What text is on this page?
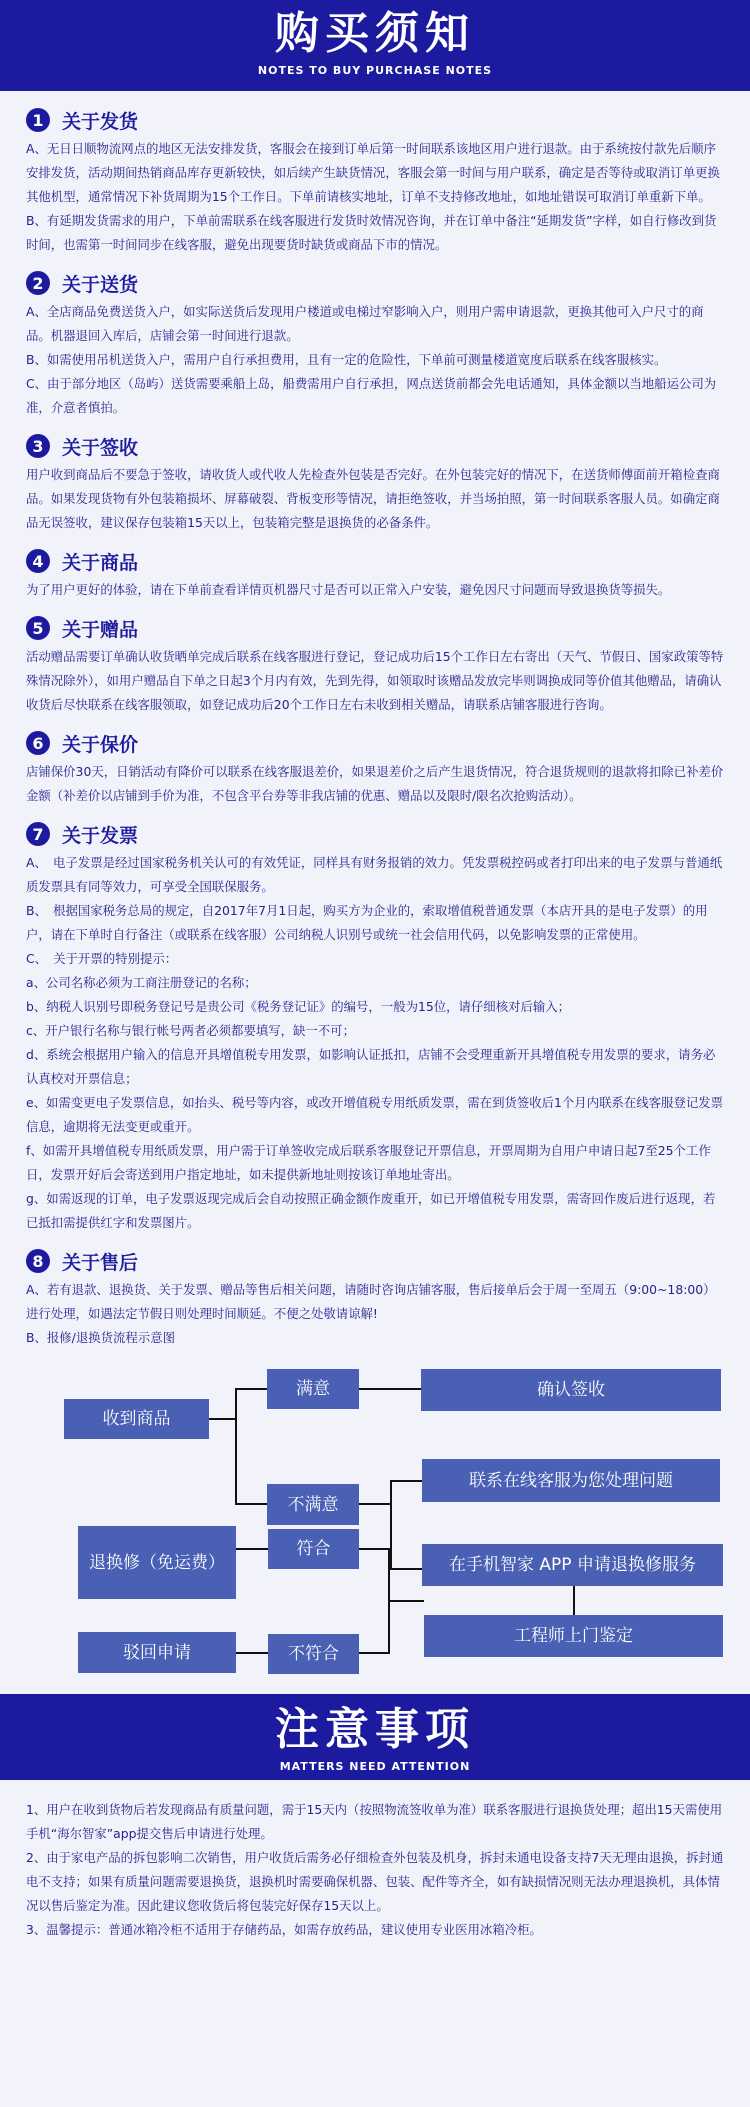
购买须知
NOTES TO BUY PURCHASE NOTES
1 关于发货

A、无日日顺物流网点的地区无法安排发货，客服会在接到订单后第一时间联系该地区用户进行退款。由于系统按付款先后顺序安排发货，活动期间热销商品库存更新较快，如后续产生缺货情况，客服会第一时间与用户联系，确定是否等待或取消订单更换其他机型，通常情况下补货周期为15个工作日。下单前请核实地址，订单不支持修改地址，如地址错误可取消订单重新下单。

B、有延期发货需求的用户，下单前需联系在线客服进行发货时效情况咨询，并在订单中备注“延期发货”字样，如自行修改到货时间，也需第一时间同步在线客服，避免出现要货时缺货或商品下市的情况。

2 关于送货

A、全店商品免费送货入户，如实际送货后发现用户楼道或电梯过窄影响入户，则用户需申请退款，更换其他可入户尺寸的商品。机器退回入库后，店铺会第一时间进行退款。

B、如需使用吊机送货入户，需用户自行承担费用，且有一定的危险性，下单前可测量楼道宽度后联系在线客服核实。

C、由于部分地区（岛屿）送货需要乘船上岛，船费需用户自行承担，网点送货前都会先电话通知，具体金额以当地船运公司为准，介意者慎拍。

3 关于签收

用户收到商品后不要急于签收，请收货人或代收人先检查外包装是否完好。在外包装完好的情况下，在送货师傅面前开箱检查商品。如果发现货物有外包装箱损坏、屏幕破裂、背板变形等情况，请拒绝签收，并当场拍照，第一时间联系客服人员。如确定商品无误签收，建议保存包装箱15天以上，包装箱完整是退换货的必备条件。

4 关于商品

为了用户更好的体验，请在下单前查看详情页机器尺寸是否可以正常入户安装，避免因尺寸问题而导致退换货等损失。

5 关于赠品

活动赠品需要订单确认收货晒单完成后联系在线客服进行登记，登记成功后15个工作日左右寄出（天气、节假日、国家政策等特殊情况除外），如用户赠品自下单之日起3个月内有效，先到先得，如领取时该赠品发放完毕则调换成同等价值其他赠品，请确认收货后尽快联系在线客服领取，如登记成功后20个工作日左右未收到相关赠品，请联系店铺客服进行咨询。

6 关于保价

店铺保价30天，日销活动有降价可以联系在线客服退差价，如果退差价之后产生退货情况，符合退货规则的退款将扣除已补差价金额（补差价以店铺到手价为准，不包含平台券等非我店铺的优惠、赠品以及限时/限名次抢购活动）。

7 关于发票

A、　电子发票是经过国家税务机关认可的有效凭证，同样具有财务报销的效力。凭发票税控码或者打印出来的电子发票与普通纸质发票具有同等效力，可享受全国联保服务。

B、　根据国家税务总局的规定，自2017年7月1日起，购买方为企业的，索取增值税普通发票（本店开具的是电子发票）的用户，请在下单时自行备注（或联系在线客服）公司纳税人识别号或统一社会信用代码，以免影响发票的正常使用。

C、　关于开票的特别提示：

a、公司名称必须为工商注册登记的名称；

b、纳税人识别号即税务登记号是贵公司《税务登记证》的编号，一般为15位，请仔细核对后输入；

c、开户银行名称与银行帐号两者必须都要填写，缺一不可；

d、系统会根据用户输入的信息开具增值税专用发票，如影响认证抵扣，店铺不会受理重新开具增值税专用发票的要求，请务必认真校对开票信息；

e、如需变更电子发票信息，如抬头、税号等内容，或改开增值税专用纸质发票，需在到货签收后1个月内联系在线客服登记发票信息，逾期将无法变更或重开。

f、如需开具增值税专用纸质发票，用户需于订单签收完成后联系客服登记开票信息，开票周期为自用户申请日起7至25个工作日，发票开好后会寄送到用户指定地址，如未提供新地址则按该订单地址寄出。

g、如需返现的订单，电子发票返现完成后会自动按照正确金额作废重开，如已开增值税专用发票，需寄回作废后进行返现，若已抵扣需提供红字和发票图片。

8 关于售后

A、若有退款、退换货、关于发票、赠品等售后相关问题，请随时咨询店铺客服，售后接单后会于周一至周五（9:00~18:00）进行处理，如遇法定节假日则处理时间顺延。不便之处敬请谅解!

B、报修/退换货流程示意图

收到商品
满意	确认签收
不满意
联系在线客服为您处理问题
在手机智家 APP 申请退换修服务
退换修（免运费）
符合
工程师上门鉴定
驳回申请	不符合
注意事项
MATTERS NEED ATTENTION

1、用户在收到货物后若发现商品有质量问题，需于15天内（按照物流签收单为准）联系客服进行退换货处理；超出15天需使用手机“海尔智家”app提交售后申请进行处理。

2、由于家电产品的拆包影响二次销售，用户收货后需务必仔细检查外包装及机身，拆封未通电设备支持7天无理由退换，拆封通电不支持；如果有质量问题需要退换货，退换机时需要确保机器、包装、配件等齐全，如有缺损情况则无法办理退换机，具体情况以售后鉴定为准。因此建议您收货后将包装完好保存15天以上。

3、温馨提示：普通冰箱冷柜不适用于存储药品，如需存放药品，建议使用专业医用冰箱冷柜。
